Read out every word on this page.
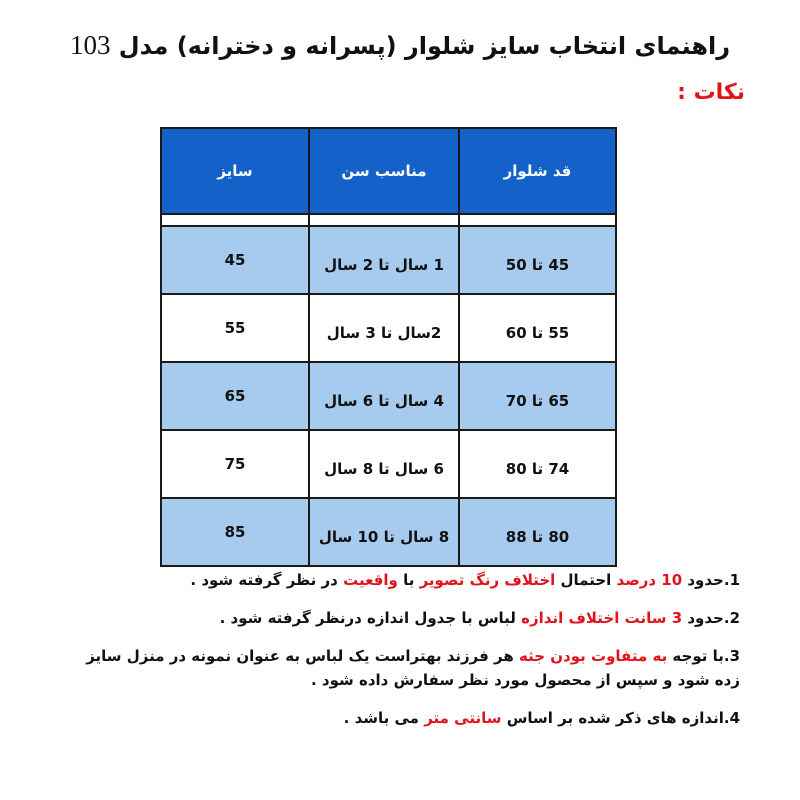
راهنمای انتخاب سایز شلوار (پسرانه و دخترانه) مدل 103
نکات :
قد شلوار	مناسب سن	سایز

45 تا 50	1 سال تا 2 سال	45
55 تا 60	2سال تا 3 سال	55
65 تا 70	4 سال تا 6 سال	65
74 تا 80	6 سال تا 8 سال	75
80 تا 88	8 سال تا 10 سال	85

1.حدود 10 درصد احتمال اختلاف رنگ تصویر با واقعیت در نظر گرفته شود .

2.حدود 3 سانت اختلاف اندازه لباس با جدول اندازه درنظر گرفته شود .

3.با توجه به متفاوت بودن جثه هر فرزند بهتراست یک لباس به عنوان نمونه در منزل سایز زده شود و سپس از محصول مورد نظر سفارش داده شود .

4.اندازه های ذکر شده بر اساس سانتی متر می باشد .
